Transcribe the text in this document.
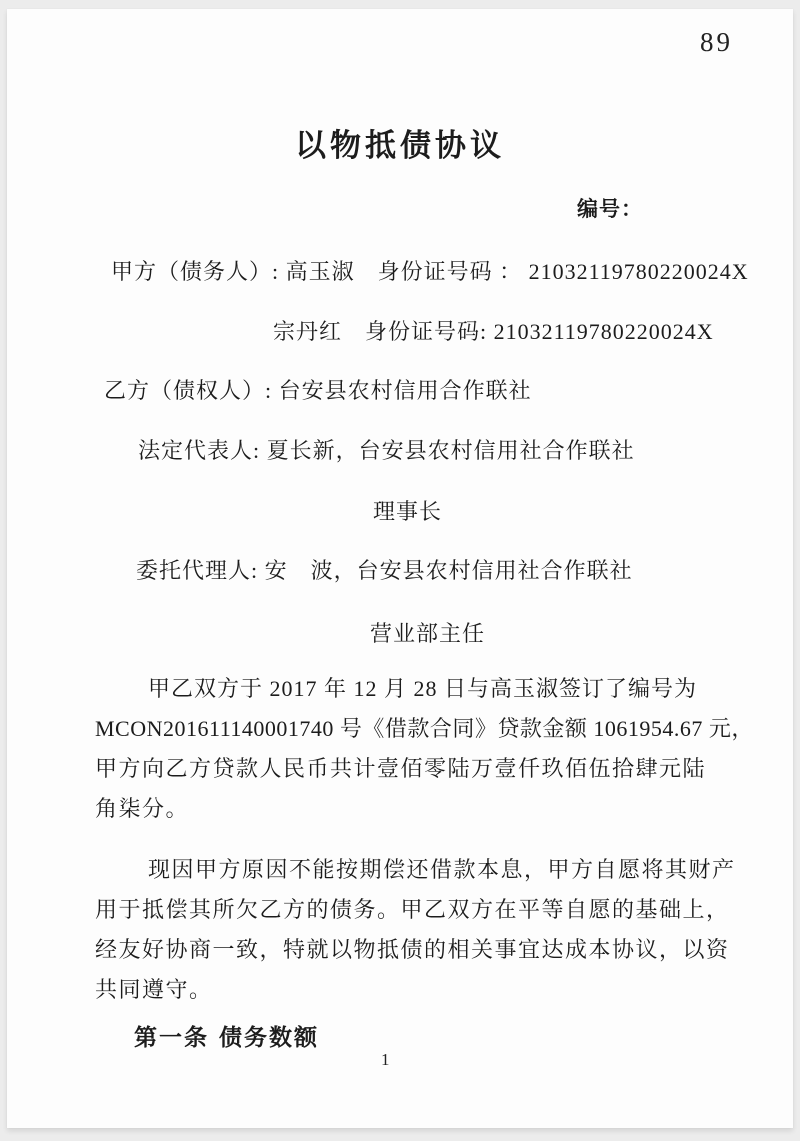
89
以物抵债协议
编号：
甲方（债务人）: 高玉淑　身份证号码 ： 21032119780220024X
宗丹红　身份证号码: 21032119780220024X
乙方（债权人）: 台安县农村信用合作联社
法定代表人: 夏长新，台安县农村信用社合作联社
理事长
委托代理人: 安　波，台安县农村信用社合作联社
营业部主任
甲乙双方于 2017 年 12 月 28 日与高玉淑签订了编号为
MCON201611140001740 号《借款合同》贷款金额 1061954.67 元，
甲方向乙方贷款人民币共计壹佰零陆万壹仟玖佰伍拾肆元陆
角柒分。
现因甲方原因不能按期偿还借款本息，甲方自愿将其财产
用于抵偿其所欠乙方的债务。甲乙双方在平等自愿的基础上，
经友好协商一致，特就以物抵债的相关事宜达成本协议，以资
共同遵守。
第一条 债务数额
1
